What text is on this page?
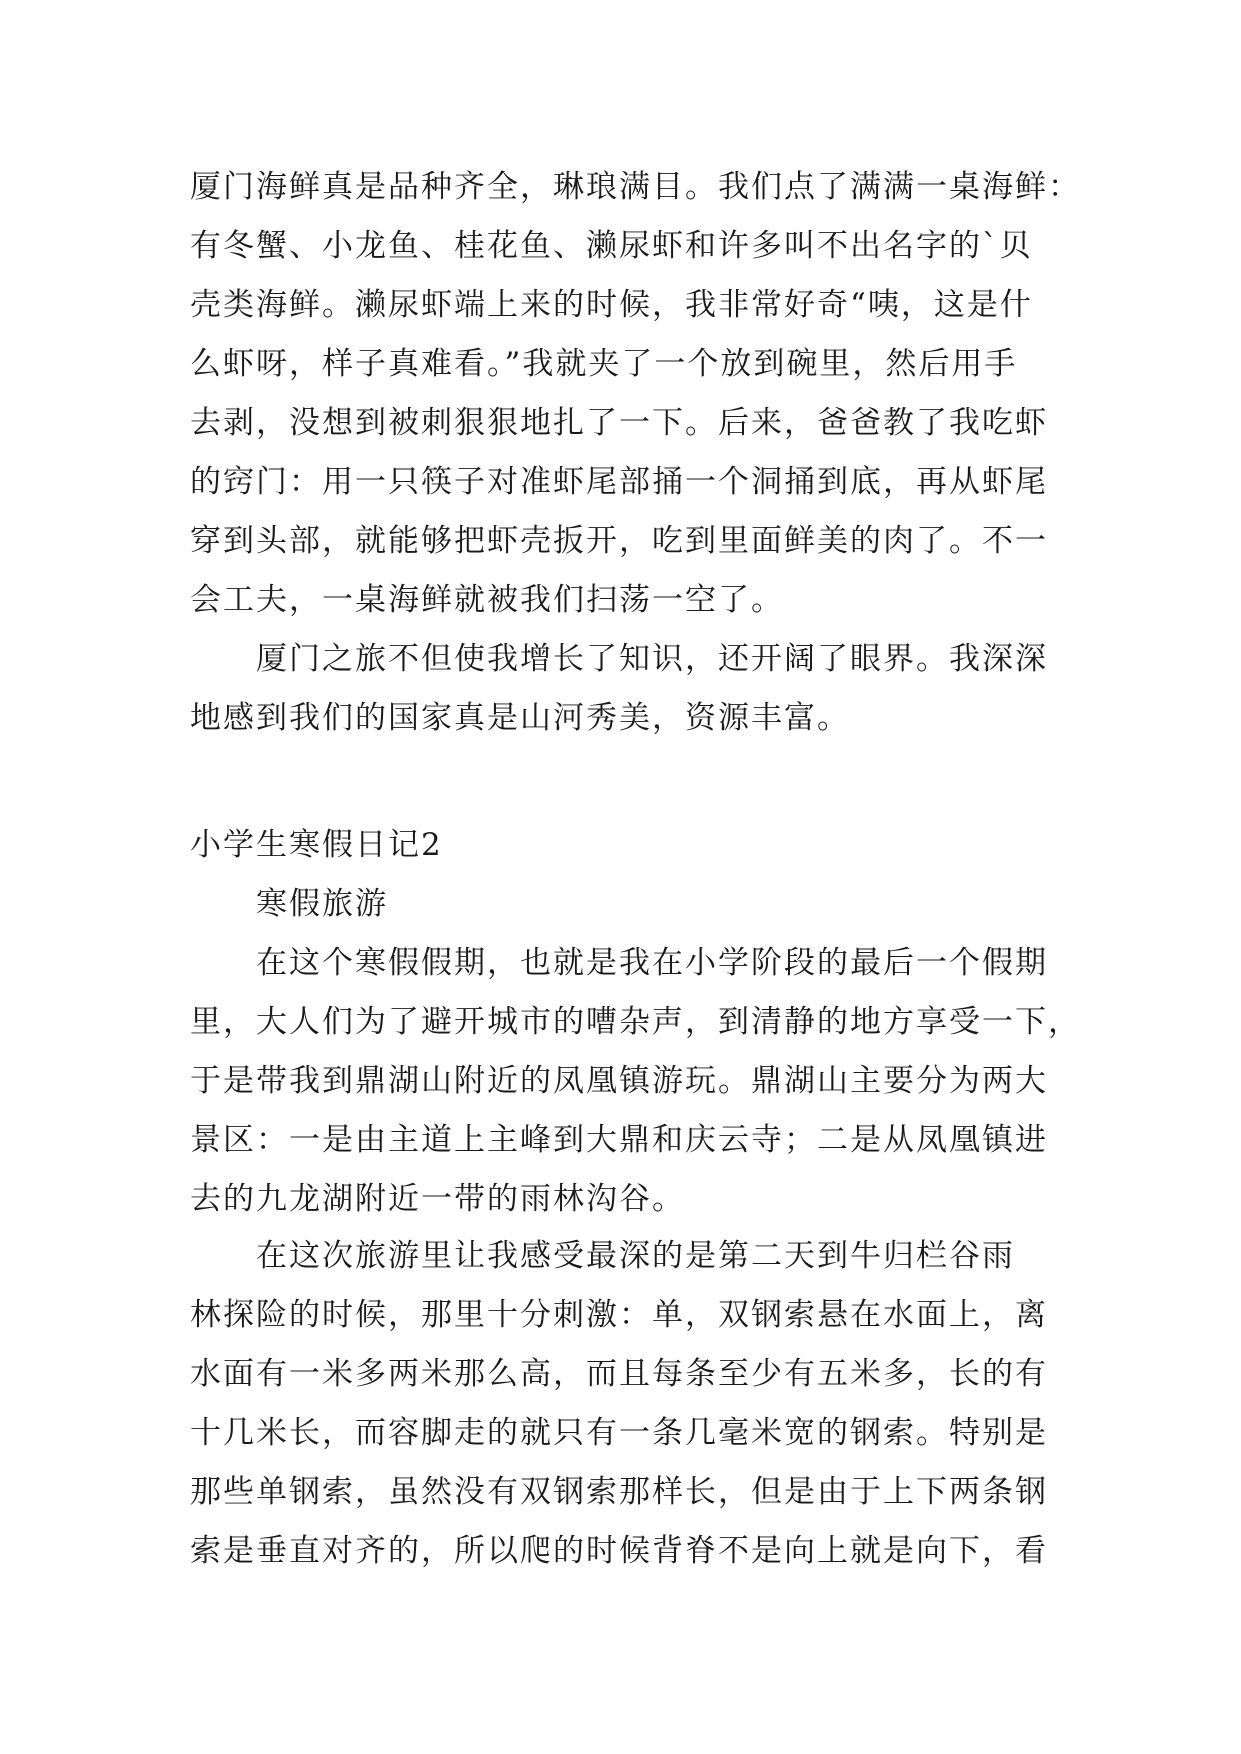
厦门海鲜真是品种齐全，琳琅满目。我们点了满满一桌海鲜：
有冬蟹、小龙鱼、桂花鱼、濑尿虾和许多叫不出名字的`贝
壳类海鲜。濑尿虾端上来的时候，我非常好奇“咦，这是什
么虾呀，样子真难看。”我就夹了一个放到碗里，然后用手
去剥，没想到被刺狠狠地扎了一下。后来，爸爸教了我吃虾
的窍门：用一只筷子对准虾尾部捅一个洞捅到底，再从虾尾
穿到头部，就能够把虾壳扳开，吃到里面鲜美的肉了。不一
会工夫，一桌海鲜就被我们扫荡一空了。
厦门之旅不但使我增长了知识，还开阔了眼界。我深深
地感到我们的国家真是山河秀美，资源丰富。
小学生寒假日记2
寒假旅游
在这个寒假假期，也就是我在小学阶段的最后一个假期
里，大人们为了避开城市的嘈杂声，到清静的地方享受一下，
于是带我到鼎湖山附近的凤凰镇游玩。鼎湖山主要分为两大
景区：一是由主道上主峰到大鼎和庆云寺；二是从凤凰镇进
去的九龙湖附近一带的雨林沟谷。
在这次旅游里让我感受最深的是第二天到牛归栏谷雨
林探险的时候，那里十分刺激：单，双钢索悬在水面上，离
水面有一米多两米那么高，而且每条至少有五米多，长的有
十几米长，而容脚走的就只有一条几毫米宽的钢索。特别是
那些单钢索，虽然没有双钢索那样长，但是由于上下两条钢
索是垂直对齐的，所以爬的时候背脊不是向上就是向下，看
